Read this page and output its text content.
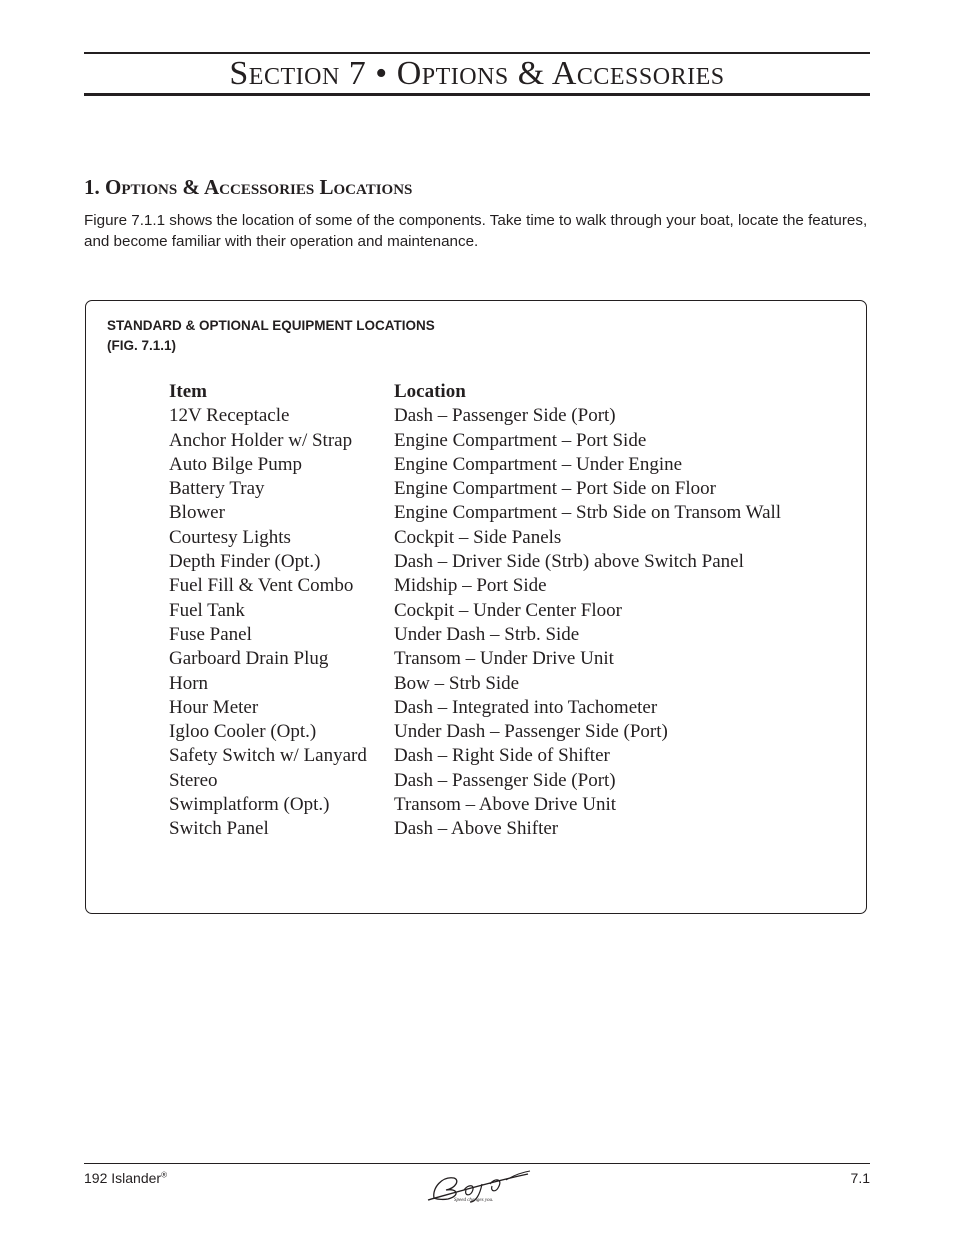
Section 7 • Options & Accessories
1. Options & Accessories Locations
Figure 7.1.1 shows the location of some of the components. Take time to walk through your boat, locate the features, and become familiar with their operation and maintenance.
STANDARD & OPTIONAL EQUIPMENT LOCATIONS
(FIG. 7.1.1)
Item	Location
12V Receptacle	Dash – Passenger Side (Port)
Anchor Holder w/ Strap	Engine Compartment – Port Side
Auto Bilge Pump	Engine Compartment – Under Engine
Battery Tray	Engine Compartment – Port Side on Floor
Blower	Engine Compartment – Strb Side on Transom Wall
Courtesy Lights	Cockpit – Side Panels
Depth Finder (Opt.)	Dash – Driver Side (Strb) above Switch Panel
Fuel Fill & Vent Combo	Midship – Port Side
Fuel Tank	Cockpit – Under Center Floor
Fuse Panel	Under Dash – Strb. Side
Garboard Drain Plug	Transom – Under Drive Unit
Horn	Bow – Strb Side
Hour Meter	Dash – Integrated into Tachometer
Igloo Cooler (Opt.)	Under Dash – Passenger Side (Port)
Safety Switch w/ Lanyard	Dash – Right Side of Shifter
Stereo	Dash – Passenger Side (Port)
Swimplatform (Opt.)	Transom – Above Drive Unit
Switch Panel	Dash – Above Shifter
192 Islander®
Speed changes you.
7.1
